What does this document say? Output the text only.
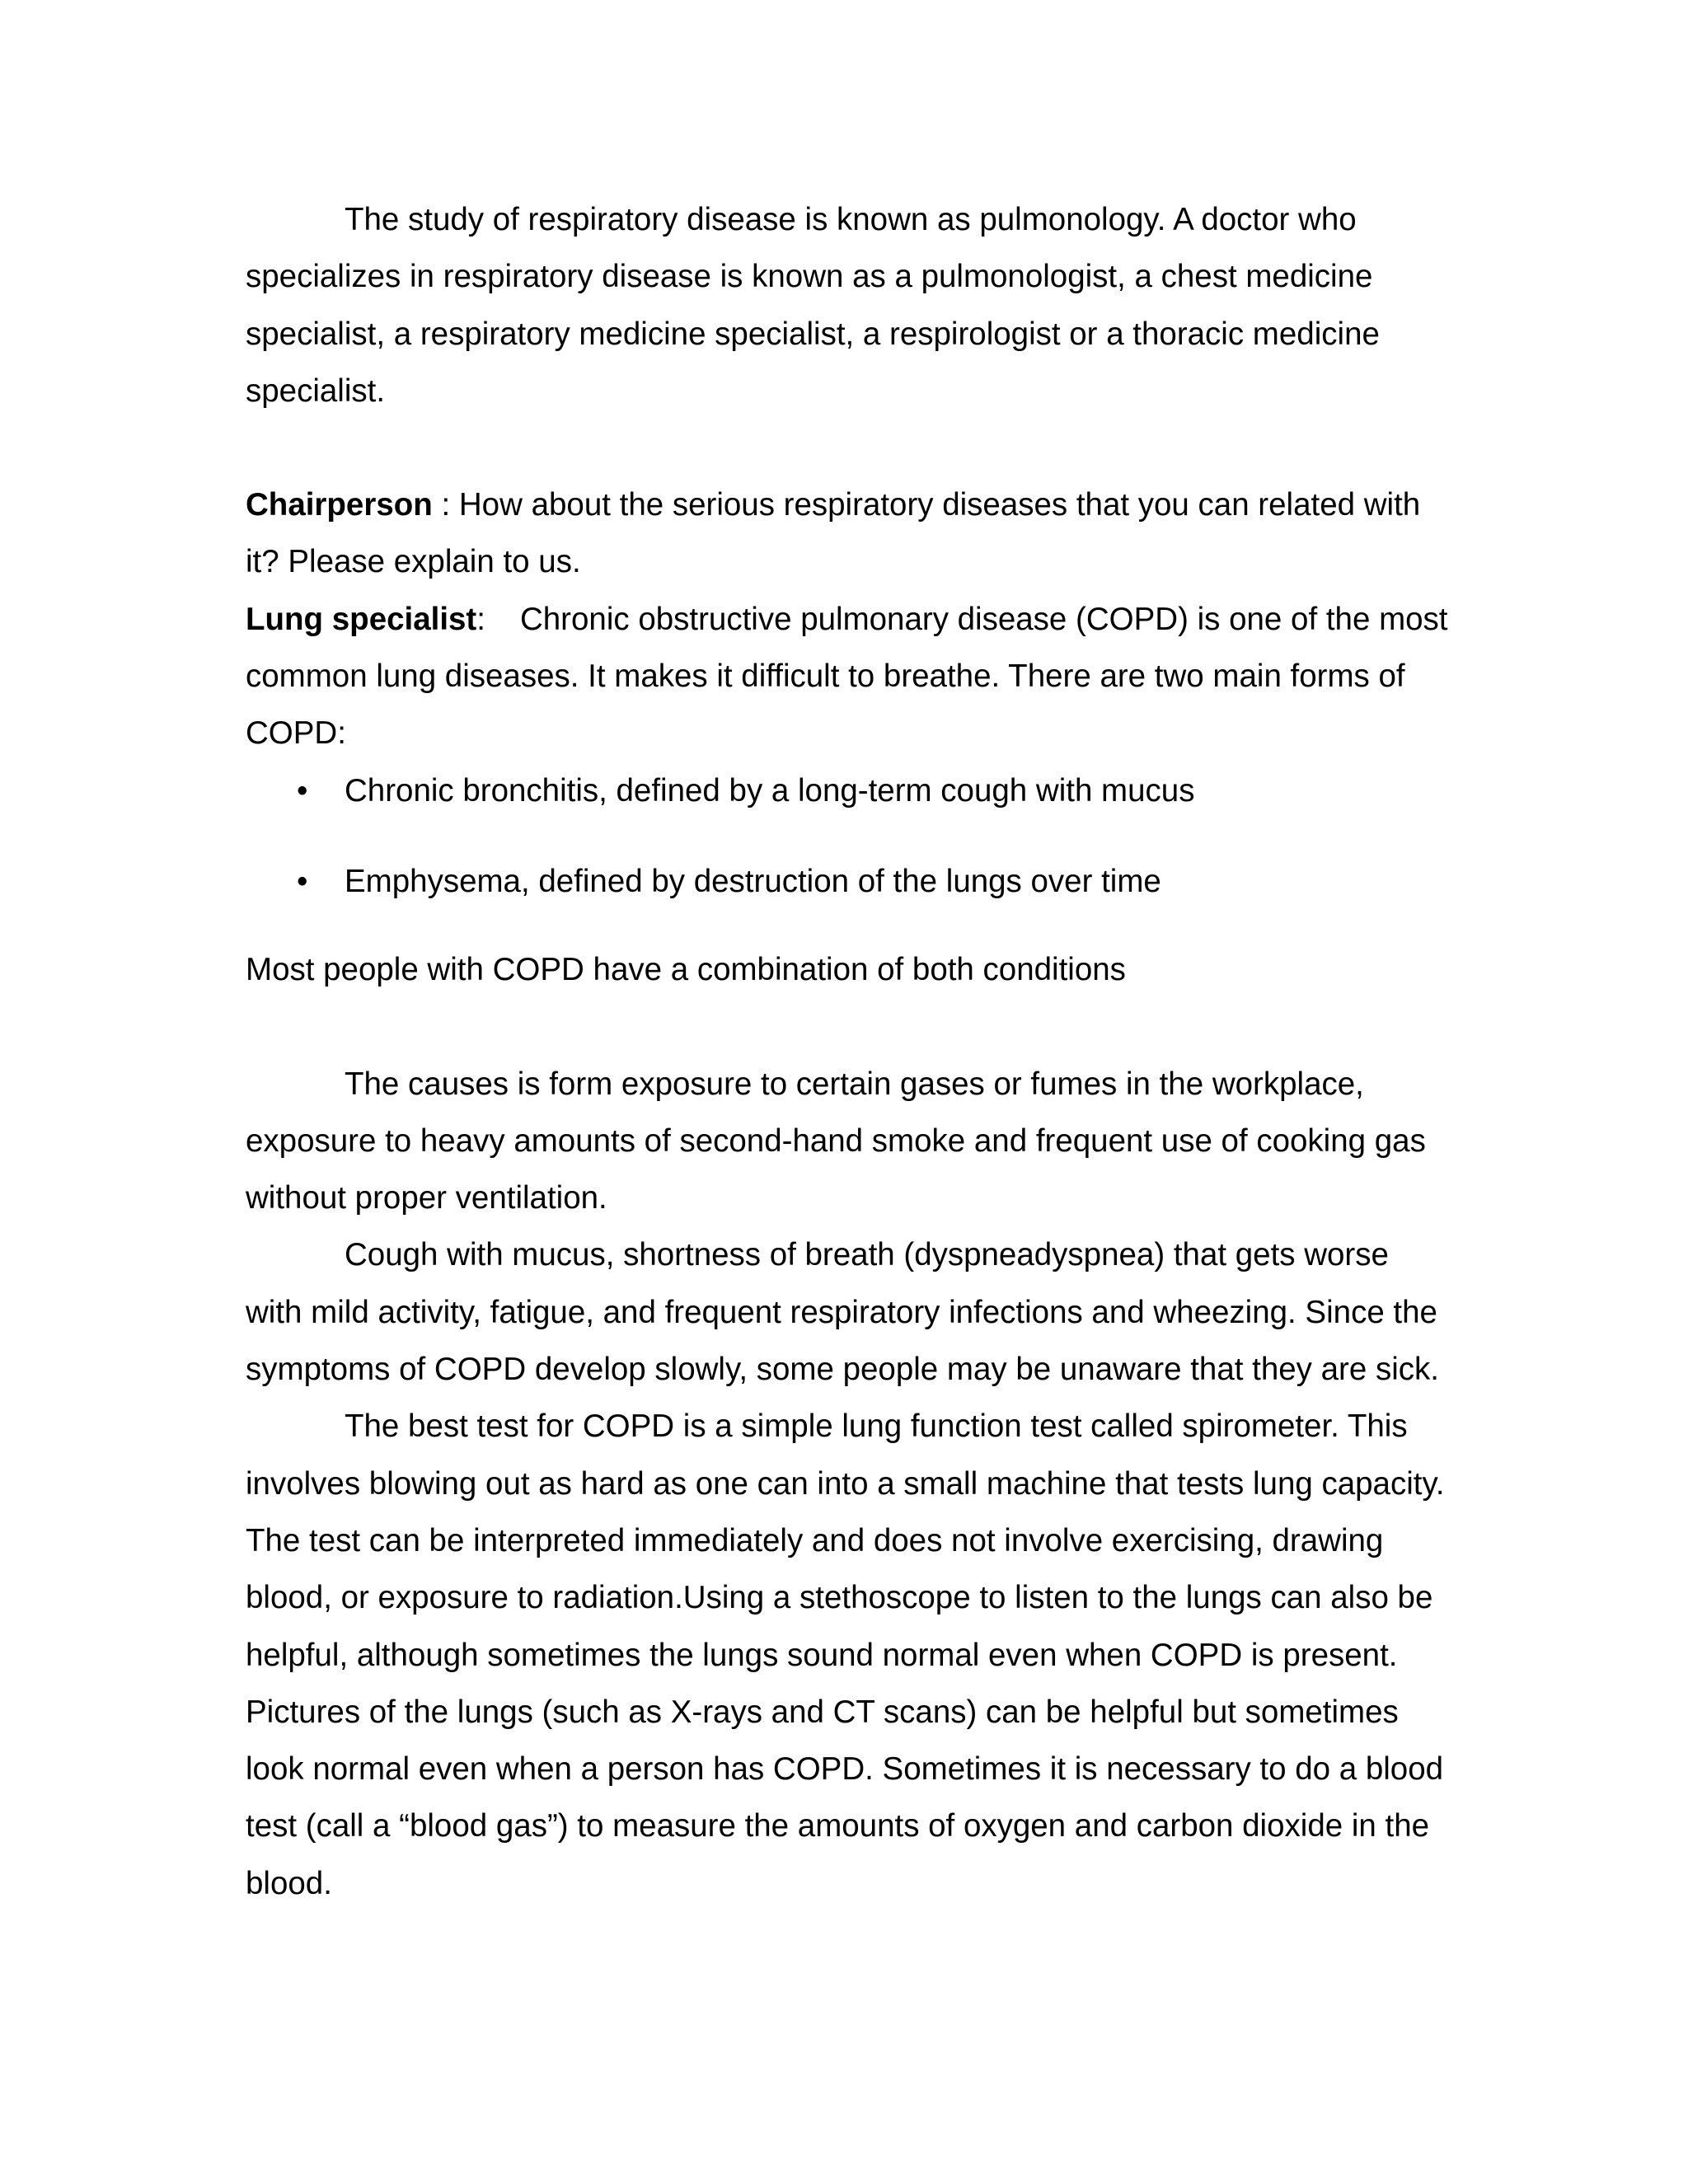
The study of respiratory disease is known as pulmonology. A doctor who specializes in respiratory disease is known as a pulmonologist, a chest medicine specialist, a respiratory medicine specialist, a respirologist or a thoracic medicine specialist.

Chairperson : How about the serious respiratory diseases that you can related with it? Please explain to us.

Lung specialist: Chronic obstructive pulmonary disease (COPD) is one of the most common lung diseases. It makes it difficult to breathe. There are two main forms of COPD:

• Chronic bronchitis, defined by a long-term cough with mucus
• Emphysema, defined by destruction of the lungs over time

Most people with COPD have a combination of both conditions

The causes is form exposure to certain gases or fumes in the workplace, exposure to heavy amounts of second-hand smoke and frequent use of cooking gas without proper ventilation.

Cough with mucus, shortness of breath (dyspneadyspnea) that gets worse with mild activity, fatigue, and frequent respiratory infections and wheezing. Since the symptoms of COPD develop slowly, some people may be unaware that they are sick.

The best test for COPD is a simple lung function test called spirometer. This involves blowing out as hard as one can into a small machine that tests lung capacity. The test can be interpreted immediately and does not involve exercising, drawing blood, or exposure to radiation.Using a stethoscope to listen to the lungs can also be helpful, although sometimes the lungs sound normal even when COPD is present. Pictures of the lungs (such as X-rays and CT scans) can be helpful but sometimes look normal even when a person has COPD. Sometimes it is necessary to do a blood test (call a “blood gas”) to measure the amounts of oxygen and carbon dioxide in the blood.
